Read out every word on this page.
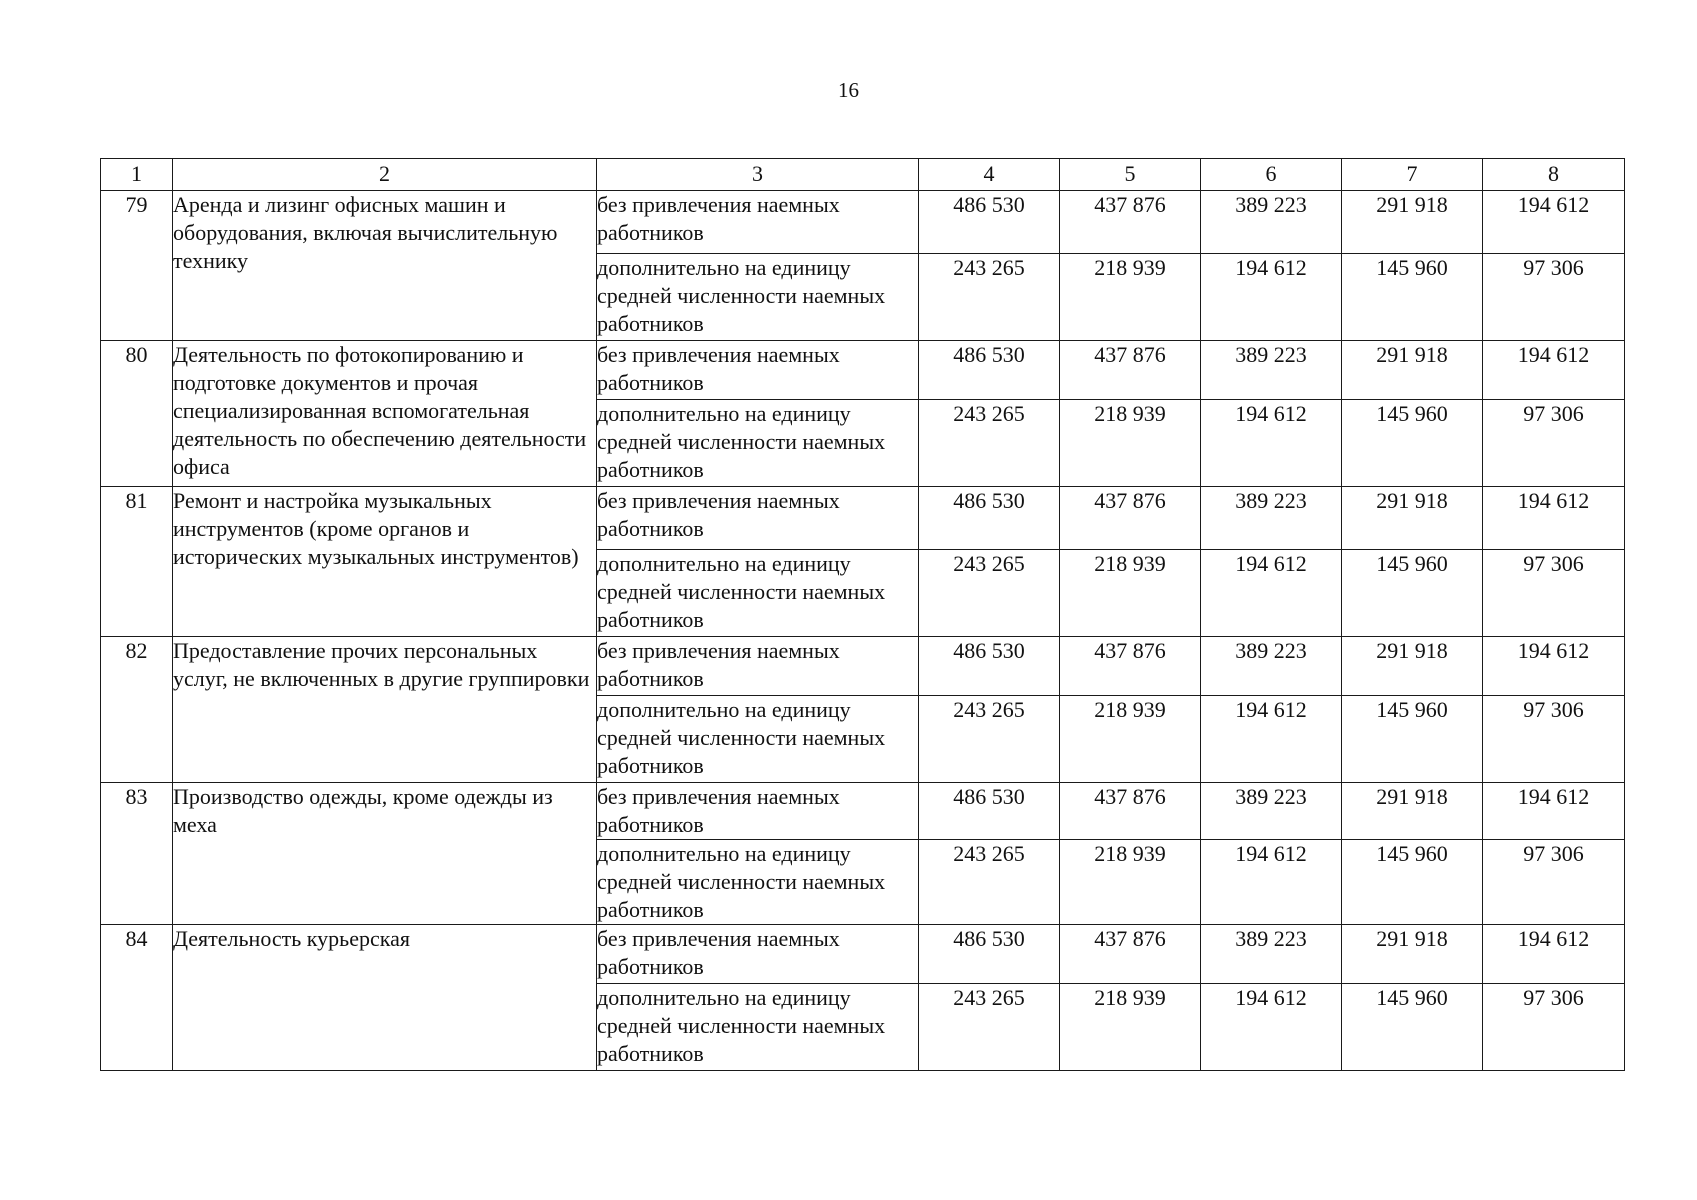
16
1	2	3	4	5	6	7	8
79	Аренда и лизинг офисных машин и оборудования, включая вычислительную технику	без привлечения наемных работников	486 530	437 876	389 223	291 918	194 612
		дополнительно на единицу средней численности наемных работников	243 265	218 939	194 612	145 960	97 306
80	Деятельность по фотокопированию и подготовке документов и прочая специализированная вспомогательная деятельность по обеспечению деятельности офиса	без привлечения наемных работников	486 530	437 876	389 223	291 918	194 612
		дополнительно на единицу средней численности наемных работников	243 265	218 939	194 612	145 960	97 306
81	Ремонт и настройка музыкальных инструментов (кроме органов и исторических музыкальных инструментов)	без привлечения наемных работников	486 530	437 876	389 223	291 918	194 612
		дополнительно на единицу средней численности наемных работников	243 265	218 939	194 612	145 960	97 306
82	Предоставление прочих персональных услуг, не включенных в другие группировки	без привлечения наемных работников	486 530	437 876	389 223	291 918	194 612
		дополнительно на единицу средней численности наемных работников	243 265	218 939	194 612	145 960	97 306
83	Производство одежды, кроме одежды из меха	без привлечения наемных работников	486 530	437 876	389 223	291 918	194 612
		дополнительно на единицу средней численности наемных работников	243 265	218 939	194 612	145 960	97 306
84	Деятельность курьерская	без привлечения наемных работников	486 530	437 876	389 223	291 918	194 612
		дополнительно на единицу средней численности наемных работников	243 265	218 939	194 612	145 960	97 306
